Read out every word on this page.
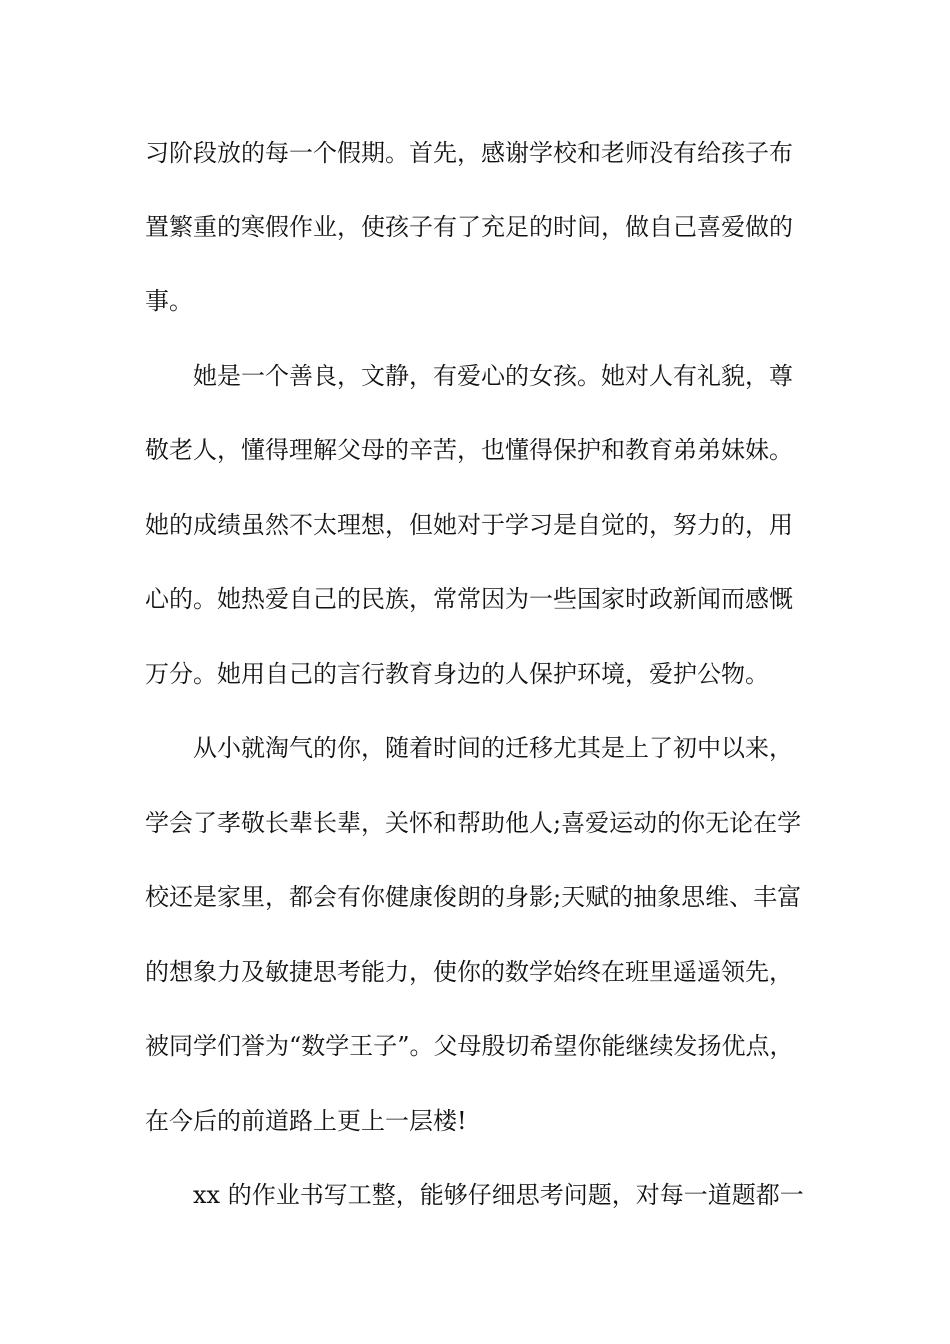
习阶段放的每一个假期。首先，感谢学校和老师没有给孩子布
置繁重的寒假作业，使孩子有了充足的时间，做自己喜爱做的
事。
她是一个善良，文静，有爱心的女孩。她对人有礼貌，尊
敬老人，懂得理解父母的辛苦，也懂得保护和教育弟弟妹妹。
她的成绩虽然不太理想，但她对于学习是自觉的，努力的，用
心的。她热爱自己的民族，常常因为一些国家时政新闻而感慨
万分。她用自己的言行教育身边的人保护环境，爱护公物。
从小就淘气的你，随着时间的迁移尤其是上了初中以来，
学会了孝敬长辈长辈，关怀和帮助他人;喜爱运动的你无论在学
校还是家里，都会有你健康俊朗的身影;天赋的抽象思维、丰富
的想象力及敏捷思考能力，使你的数学始终在班里遥遥领先，
被同学们誉为“数学王子”。父母殷切希望你能继续发扬优点，
在今后的前道路上更上一层楼!
xx 的作业书写工整，能够仔细思考问题，对每一道题都一
